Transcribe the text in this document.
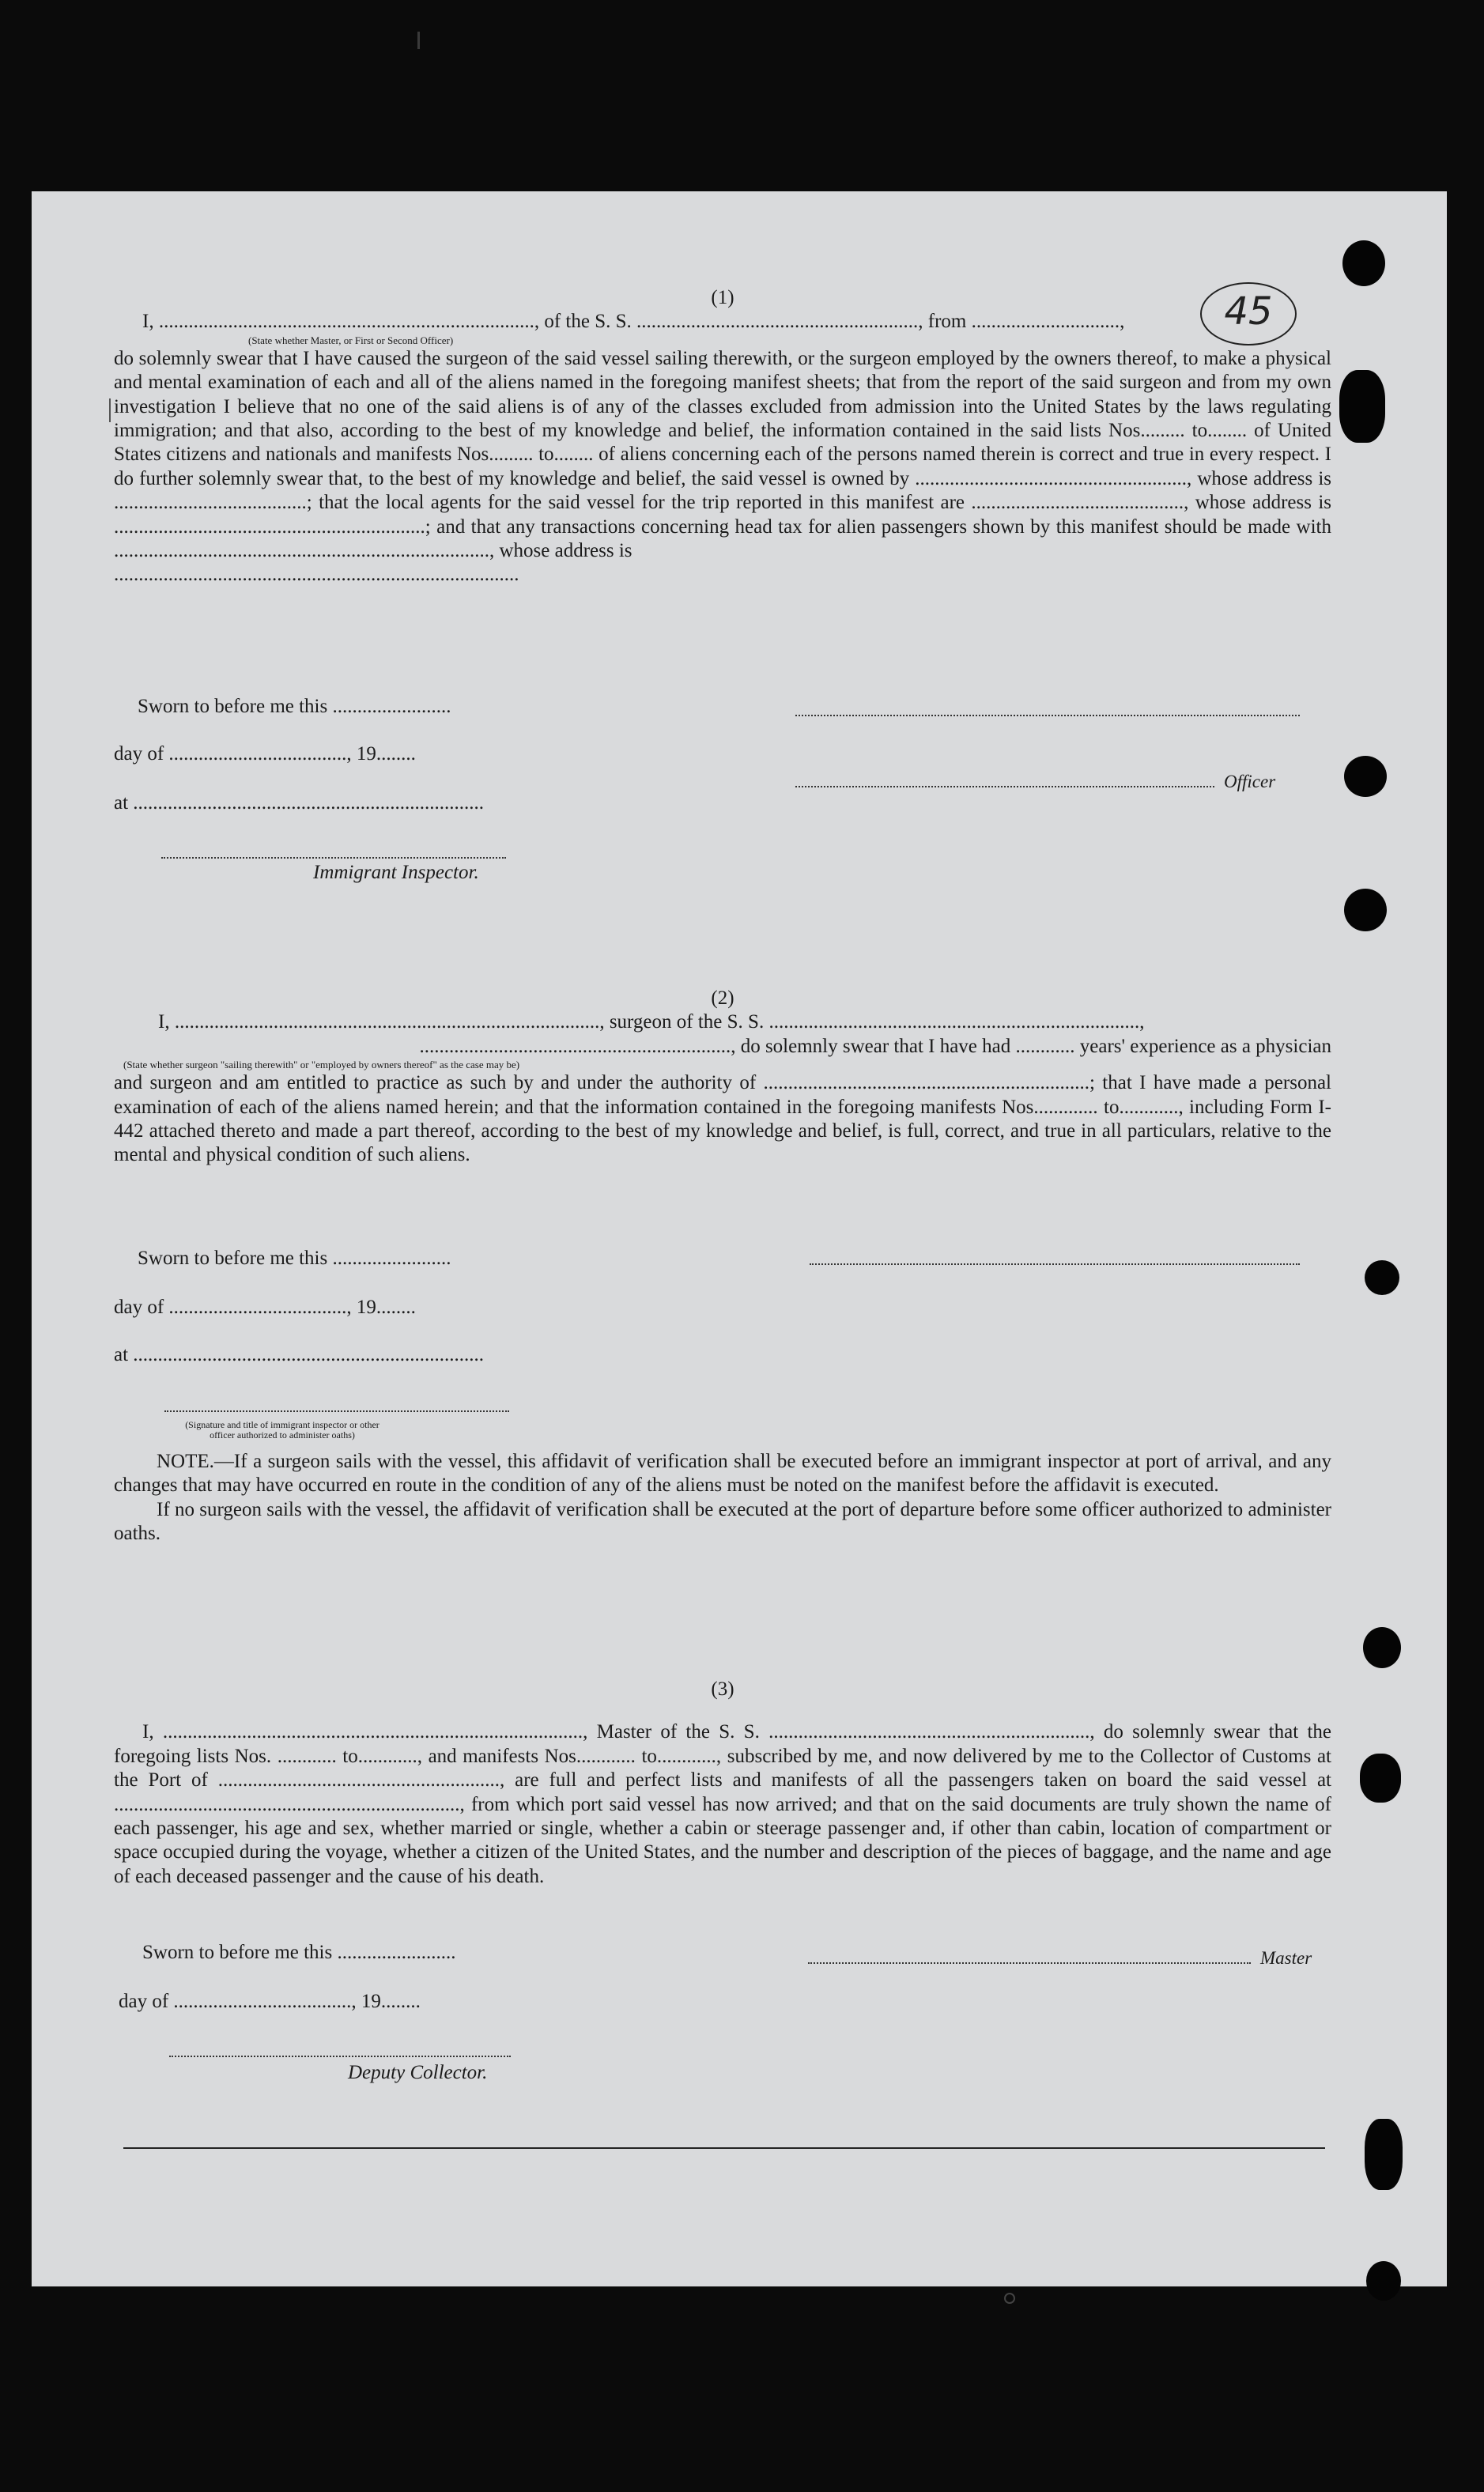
45

(1)

I, ............................................................................, of the S. S. ........................................................., from ..............................,

(State whether Master, or First or Second Officer)

do solemnly swear that I have caused the surgeon of the said vessel sailing therewith, or the surgeon employed by the owners thereof, to make a physical and mental examination of each and all of the aliens named in the foregoing manifest sheets; that from the report of the said surgeon and from my own investigation I believe that no one of the said aliens is of any of the classes excluded from admission into the United States by the laws regulating immigration; and that also, according to the best of my knowledge and belief, the information contained in the said lists Nos......... to........ of United States citizens and nationals and manifests Nos......... to........ of aliens concerning each of the persons named therein is correct and true in every respect. I do further solemnly swear that, to the best of my knowledge and belief, the said vessel is owned by ......................................................., whose address is .......................................; that the local agents for the said vessel for the trip reported in this manifest are ..........................................., whose address is ...............................................................; and that any transactions concerning head tax for alien passengers shown by this manifest should be made with ............................................................................, whose address is

..................................................................................

Sworn to before me this ........................
day of ...................................., 19........
Officer
at .......................................................................
Immigrant Inspector.

(2)

I, ......................................................................................, surgeon of the S. S. ...........................................................................,

..............................................................., do solemnly swear that I have had ............ years' experience as a physician

(State whether surgeon "sailing therewith" or "employed by owners thereof" as the case may be)

and surgeon and am entitled to practice as such by and under the authority of ..................................................................; that I have made a personal examination of each of the aliens named herein; and that the information contained in the foregoing manifests Nos............. to............, including Form I-442 attached thereto and made a part thereof, according to the best of my knowledge and belief, is full, correct, and true in all particulars, relative to the mental and physical condition of such aliens.

Sworn to before me this ........................
day of ...................................., 19........
at .......................................................................
(Signature and title of immigrant inspector or other officer authorized to administer oaths)

NOTE.—If a surgeon sails with the vessel, this affidavit of verification shall be executed before an immigrant inspector at port of arrival, and any changes that may have occurred en route in the condition of any of the aliens must be noted on the manifest before the affidavit is executed.

If no surgeon sails with the vessel, the affidavit of verification shall be executed at the port of departure before some officer authorized to administer oaths.

(3)

I, ....................................................................................., Master of the S. S. ................................................................., do solemnly swear that the foregoing lists Nos. ............ to............, and manifests Nos............ to............, subscribed by me, and now delivered by me to the Collector of Customs at the Port of ........................................................., are full and perfect lists and manifests of all the passengers taken on board the said vessel at ......................................................................, from which port said vessel has now arrived; and that on the said documents are truly shown the name of each passenger, his age and sex, whether married or single, whether a cabin or steerage passenger and, if other than cabin, location of compartment or space occupied during the voyage, whether a citizen of the United States, and the number and description of the pieces of baggage, and the name and age of each deceased passenger and the cause of his death.

Sworn to before me this ........................	Master
day of ...................................., 19........
Deputy Collector.
